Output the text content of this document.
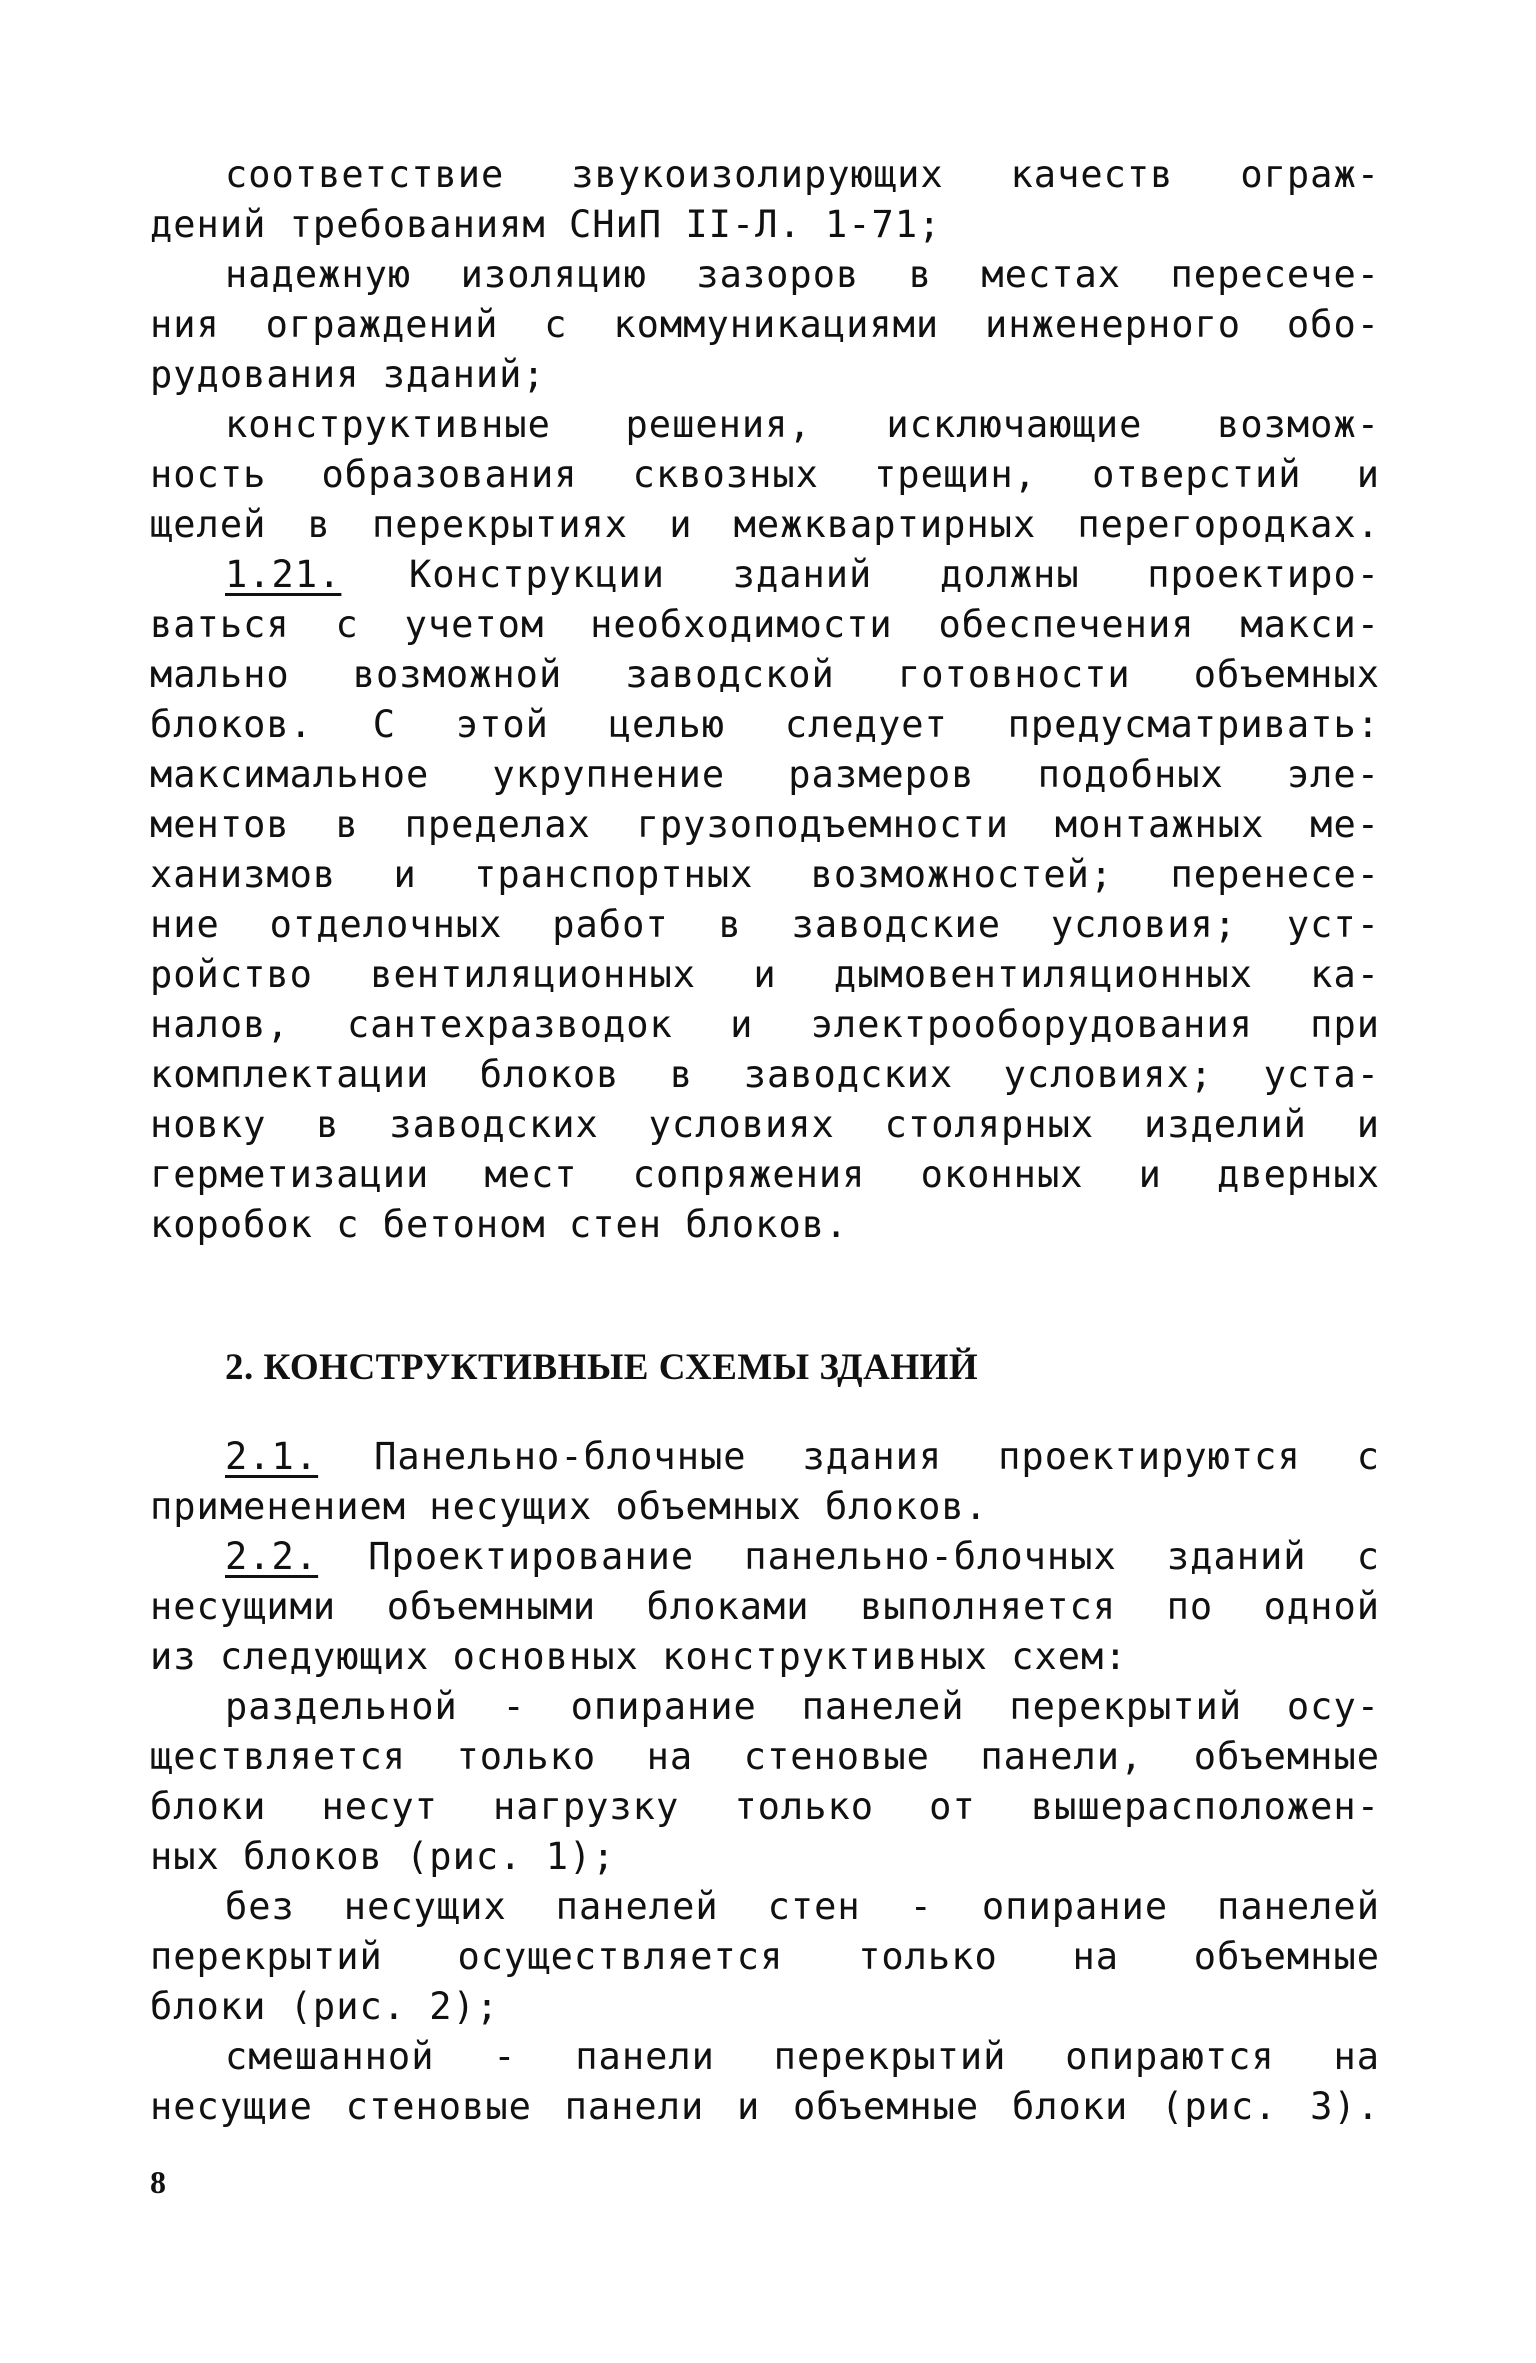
соответствие звукоизолирующих качеств ограж-
дений требованиям СНиП II-Л. 1-71;
надежную изоляцию зазоров в местах пересече-
ния ограждений с коммуникациями инженерного обо-
рудования зданий;
конструктивные решения, исключающие возмож-
ность образования сквозных трещин, отверстий и
щелей в перекрытиях и межквартирных перегородках.
1.21. Конструкции зданий должны проектиро-
ваться с учетом необходимости обеспечения макси-
мально возможной заводской готовности объемных
блоков. С этой целью следует предусматривать:
максимальное укрупнение размеров подобных эле-
ментов в пределах грузоподъемности монтажных ме-
ханизмов и транспортных возможностей; перенесе-
ние отделочных работ в заводские условия; уст-
ройство вентиляционных и дымовентиляционных ка-
налов, сантехразводок и электрооборудования при
комплектации блоков в заводских условиях; уста-
новку в заводских условиях столярных изделий и
герметизации мест сопряжения оконных и дверных
коробок с бетоном стен блоков.
2. КОНСТРУКТИВНЫЕ СХЕМЫ ЗДАНИЙ
2.1. Панельно-блочные здания проектируются с
применением несущих объемных блоков.
2.2. Проектирование панельно-блочных зданий с
несущими объемными блоками выполняется по одной
из следующих основных конструктивных схем:
раздельной - опирание панелей перекрытий осу-
ществляется только на стеновые панели, объемные
блоки несут нагрузку только от вышерасположен-
ных блоков (рис. 1);
без несущих панелей стен - опирание панелей
перекрытий осуществляется только на объемные
блоки (рис. 2);
смешанной - панели перекрытий опираются на
несущие стеновые панели и объемные блоки (рис. 3).
8
